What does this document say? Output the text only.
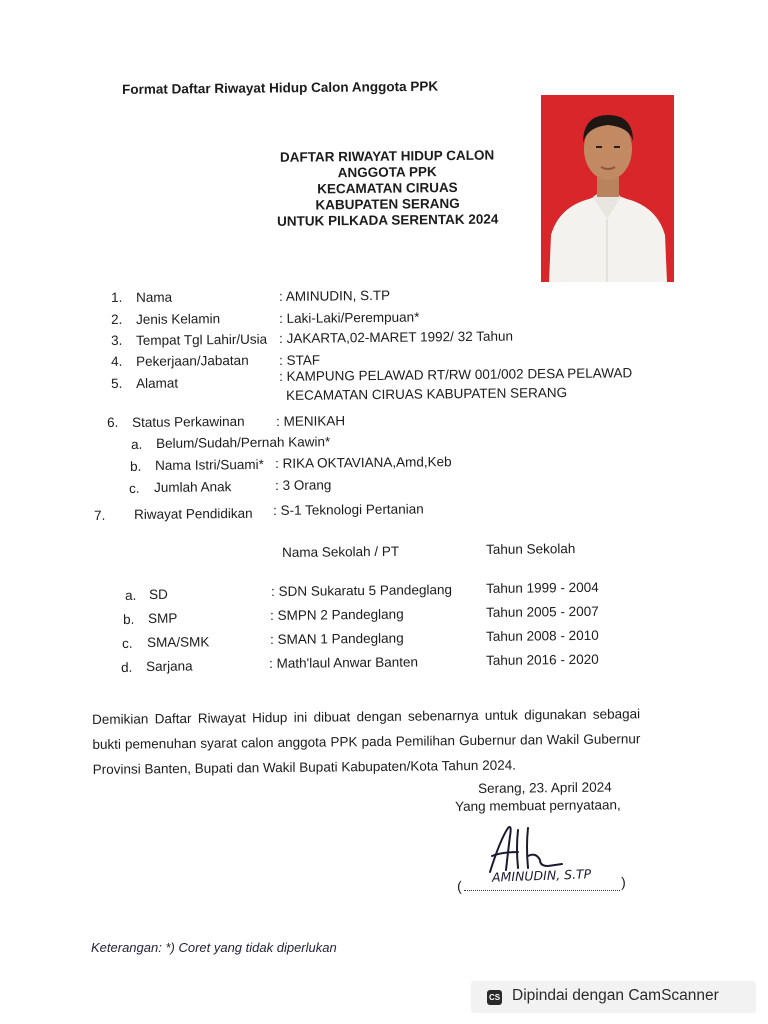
Format Daftar Riwayat Hidup Calon Anggota PPK
DAFTAR RIWAYAT HIDUP CALON
ANGGOTA PPK
KECAMATAN CIRUAS
KABUPATEN SERANG
UNTUK PILKADA SERENTAK 2024
1. Nama	: AMINUDIN, S.TP
2. Jenis Kelamin	: Laki-Laki/Perempuan*
3. Tempat Tgl Lahir/Usia : JAKARTA,02-MARET 1992/ 32 Tahun
4. Pekerjaan/Jabatan : STAF
5. Alamat	: KAMPUNG PELAWAD RT/RW 001/002 DESA PELAWAD
KECAMATAN CIRUAS KABUPATEN SERANG
6. Status Perkawinan : MENIKAH
a. Belum/Sudah/Pernah Kawin*
b. Nama Istri/Suami* : RIKA OKTAVIANA,Amd,Keb
c. Jumlah Anak	: 3 Orang
7. Riwayat Pendidikan : S-1 Teknologi Pertanian
Nama Sekolah / PT	Tahun Sekolah
a. SD	: SDN Sukaratu 5 Pandeglang	Tahun 1999 - 2004
b. SMP	: SMPN 2 Pandeglang	Tahun 2005 - 2007
c. SMA/SMK	: SMAN 1 Pandeglang	Tahun 2008 - 2010
d. Sarjana	: Math'laul Anwar Banten	Tahun 2016 - 2020
Demikian Daftar Riwayat Hidup ini dibuat dengan sebenarnya untuk digunakan sebagai bukti pemenuhan syarat calon anggota PPK pada Pemilihan Gubernur dan Wakil Gubernur Provinsi Banten, Bupati dan Wakil Bupati Kabupaten/Kota Tahun 2024.
Serang, 23. April 2024
Yang membuat pernyataan,
(
AMINUDIN, S.TP )
Keterangan: *) Coret yang tidak diperlukan
CS Dipindai dengan CamScanner
